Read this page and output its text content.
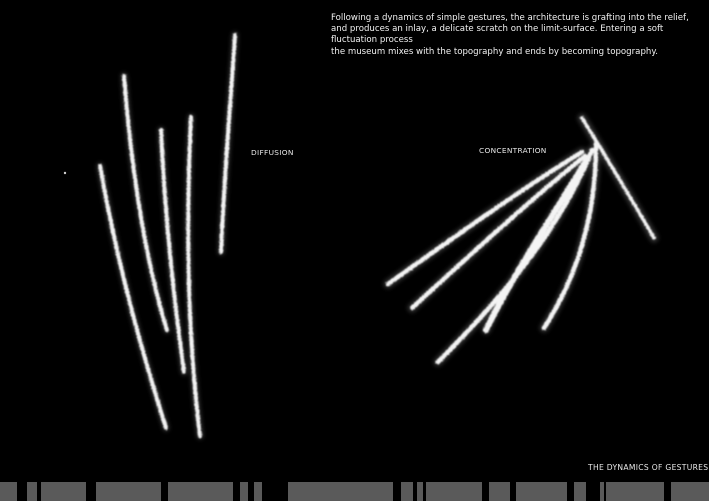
Following a dynamics of simple gestures, the architecture is grafting into the relief, and produces an inlay, a delicate scratch on the limit-surface. Entering a soft fluctuation process

the museum mixes with the topography and ends by becoming topography.

DIFFUSION	CONCENTRATION
THE DYNAMICS OF GESTURES
